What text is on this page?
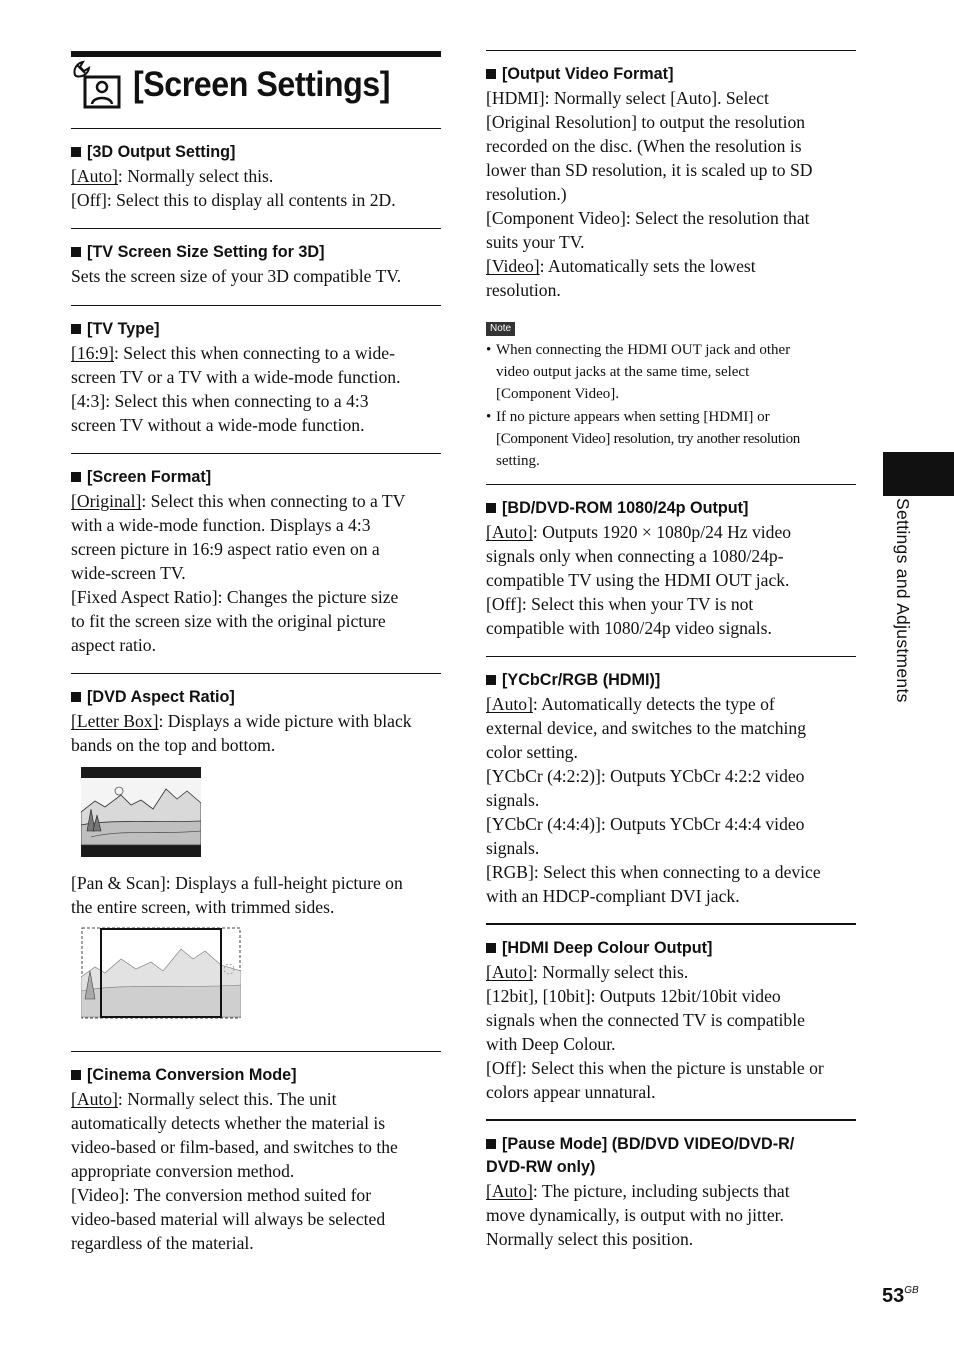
[Screen Settings]
[3D Output Setting]
[Auto]: Normally select this.
[Off]: Select this to display all contents in 2D.
[TV Screen Size Setting for 3D]
Sets the screen size of your 3D compatible TV.
[TV Type]
[16:9]: Select this when connecting to a wide-
screen TV or a TV with a wide-mode function.
[4:3]: Select this when connecting to a 4:3
screen TV without a wide-mode function.
[Screen Format]
[Original]: Select this when connecting to a TV
with a wide-mode function. Displays a 4:3
screen picture in 16:9 aspect ratio even on a
wide-screen TV.
[Fixed Aspect Ratio]: Changes the picture size
to fit the screen size with the original picture
aspect ratio.
[DVD Aspect Ratio]
[Letter Box]: Displays a wide picture with black
bands on the top and bottom.
[Pan & Scan]: Displays a full-height picture on
the entire screen, with trimmed sides.
[Cinema Conversion Mode]
[Auto]: Normally select this. The unit
automatically detects whether the material is
video-based or film-based, and switches to the
appropriate conversion method.
[Video]: The conversion method suited for
video-based material will always be selected
regardless of the material.
[Output Video Format]
[HDMI]: Normally select [Auto]. Select
[Original Resolution] to output the resolution
recorded on the disc. (When the resolution is
lower than SD resolution, it is scaled up to SD
resolution.)
[Component Video]: Select the resolution that
suits your TV.
[Video]: Automatically sets the lowest
resolution.
Note
• When connecting the HDMI OUT jack and other
video output jacks at the same time, select
[Component Video].
• If no picture appears when setting [HDMI] or
[Component Video] resolution, try another resolution
setting.
[BD/DVD-ROM 1080/24p Output]
[Auto]: Outputs 1920 × 1080p/24 Hz video
signals only when connecting a 1080/24p-
compatible TV using the HDMI OUT jack.
[Off]: Select this when your TV is not
compatible with 1080/24p video signals.
[YCbCr/RGB (HDMI)]
[Auto]: Automatically detects the type of
external device, and switches to the matching
color setting.
[YCbCr (4:2:2)]: Outputs YCbCr 4:2:2 video
signals.
[YCbCr (4:4:4)]: Outputs YCbCr 4:4:4 video
signals.
[RGB]: Select this when connecting to a device
with an HDCP-compliant DVI jack.
[HDMI Deep Colour Output]
[Auto]: Normally select this.
[12bit], [10bit]: Outputs 12bit/10bit video
signals when the connected TV is compatible
with Deep Colour.
[Off]: Select this when the picture is unstable or
colors appear unnatural.
[Pause Mode] (BD/DVD VIDEO/DVD-R/
DVD-RW only)
[Auto]: The picture, including subjects that
move dynamically, is output with no jitter.
Normally select this position.
Settings and Adjustments
$53^{GB}$
